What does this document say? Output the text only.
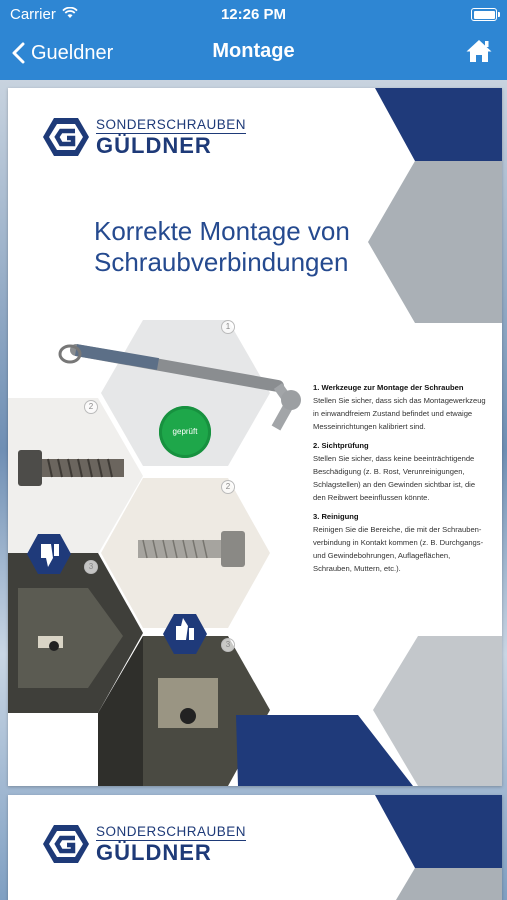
Carrier	12:26 PM
Gueldner	Montage
SONDERSCHRAUBEN
GÜLDNER
Korrekte Montage von
Schraubverbindungen
geprüft
1
2
2
3
3

1. Werkzeuge zur Montage der Schrauben
Stellen Sie sicher, dass sich das Montagewerkzeug in einwandfreiem Zustand befindet und etwaige Messeinrichtungen kalibriert sind.

2. Sichtprüfung
Stellen Sie sicher, dass keine beeinträchtigende Beschädigung (z. B. Rost, Verunreinigungen, Schlagstellen) an den Gewinden sichtbar ist, die den Reibwert beeinflussen könnte.

3. Reinigung
Reinigen Sie die Bereiche, die mit der Schrauben-verbindung in Kontakt kommen (z. B. Durchgangs- und Gewindebohrungen, Auflageflächen, Schrauben, Muttern, etc.).

SONDERSCHRAUBEN
GÜLDNER
